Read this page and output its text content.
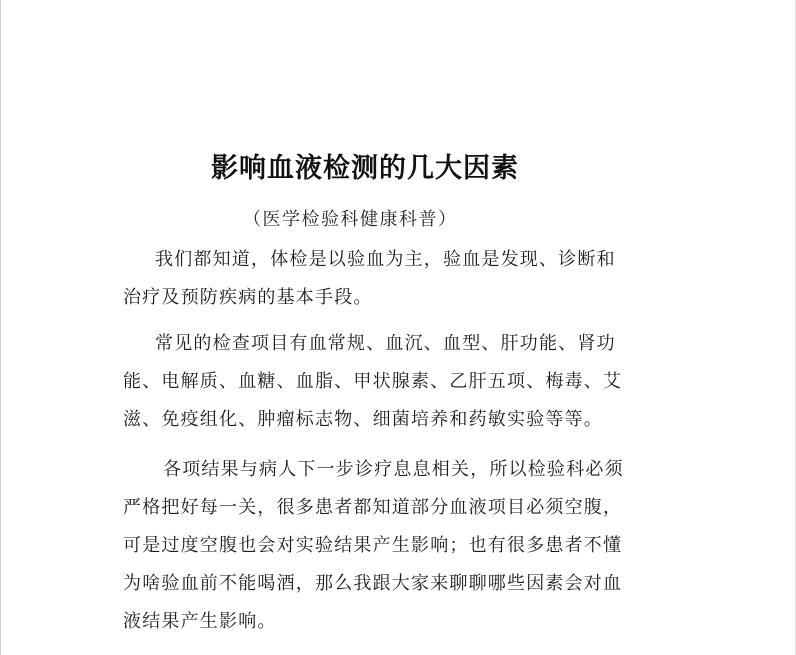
影响血液检测的几大因素

（医学检验科健康科普）

我们都知道，体检是以验血为主，验血是发现、诊断和
治疗及预防疾病的基本手段。
常见的检查项目有血常规、血沉、血型、肝功能、肾功
能、电解质、血糖、血脂、甲状腺素、乙肝五项、梅毒、艾
滋、免疫组化、肿瘤标志物、细菌培养和药敏实验等等。
各项结果与病人下一步诊疗息息相关，所以检验科必须
严格把好每一关，很多患者都知道部分血液项目必须空腹，
可是过度空腹也会对实验结果产生影响；也有很多患者不懂
为啥验血前不能喝酒，那么我跟大家来聊聊哪些因素会对血
液结果产生影响。
